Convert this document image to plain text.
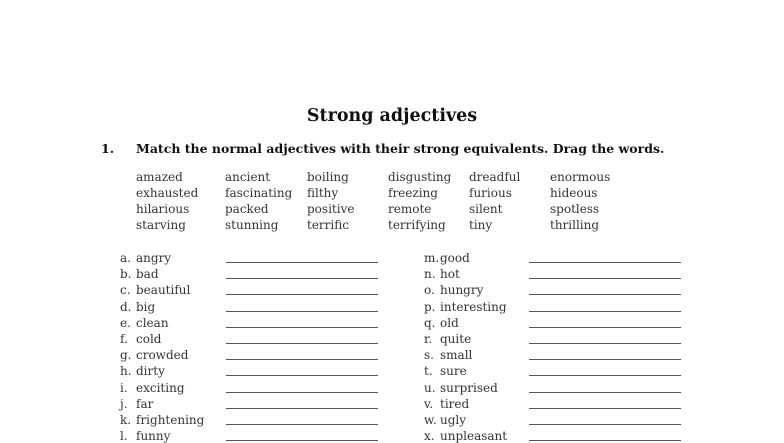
Strong adjectives
1. Match the normal adjectives with their strong equivalents. Drag the words.
amazed	ancient	boiling	disgusting dreadful enormous
exhausted fascinating filthy	freezing	furious	hideous
hilarious	packed	positive	remote	silent	spotless
starving	stunning terrific	terrifying tiny	thrilling
a. angry
b. bad
c. beautiful
d. big
e. clean
f. cold
g. crowded
h. dirty
i. exciting
j. far
k. frightening
l. funny
m. good
n. hot
o. hungry
p. interesting
q. old
r. quite
s. small
t. sure
u. surprised
v. tired
w. ugly
x. unpleasant
